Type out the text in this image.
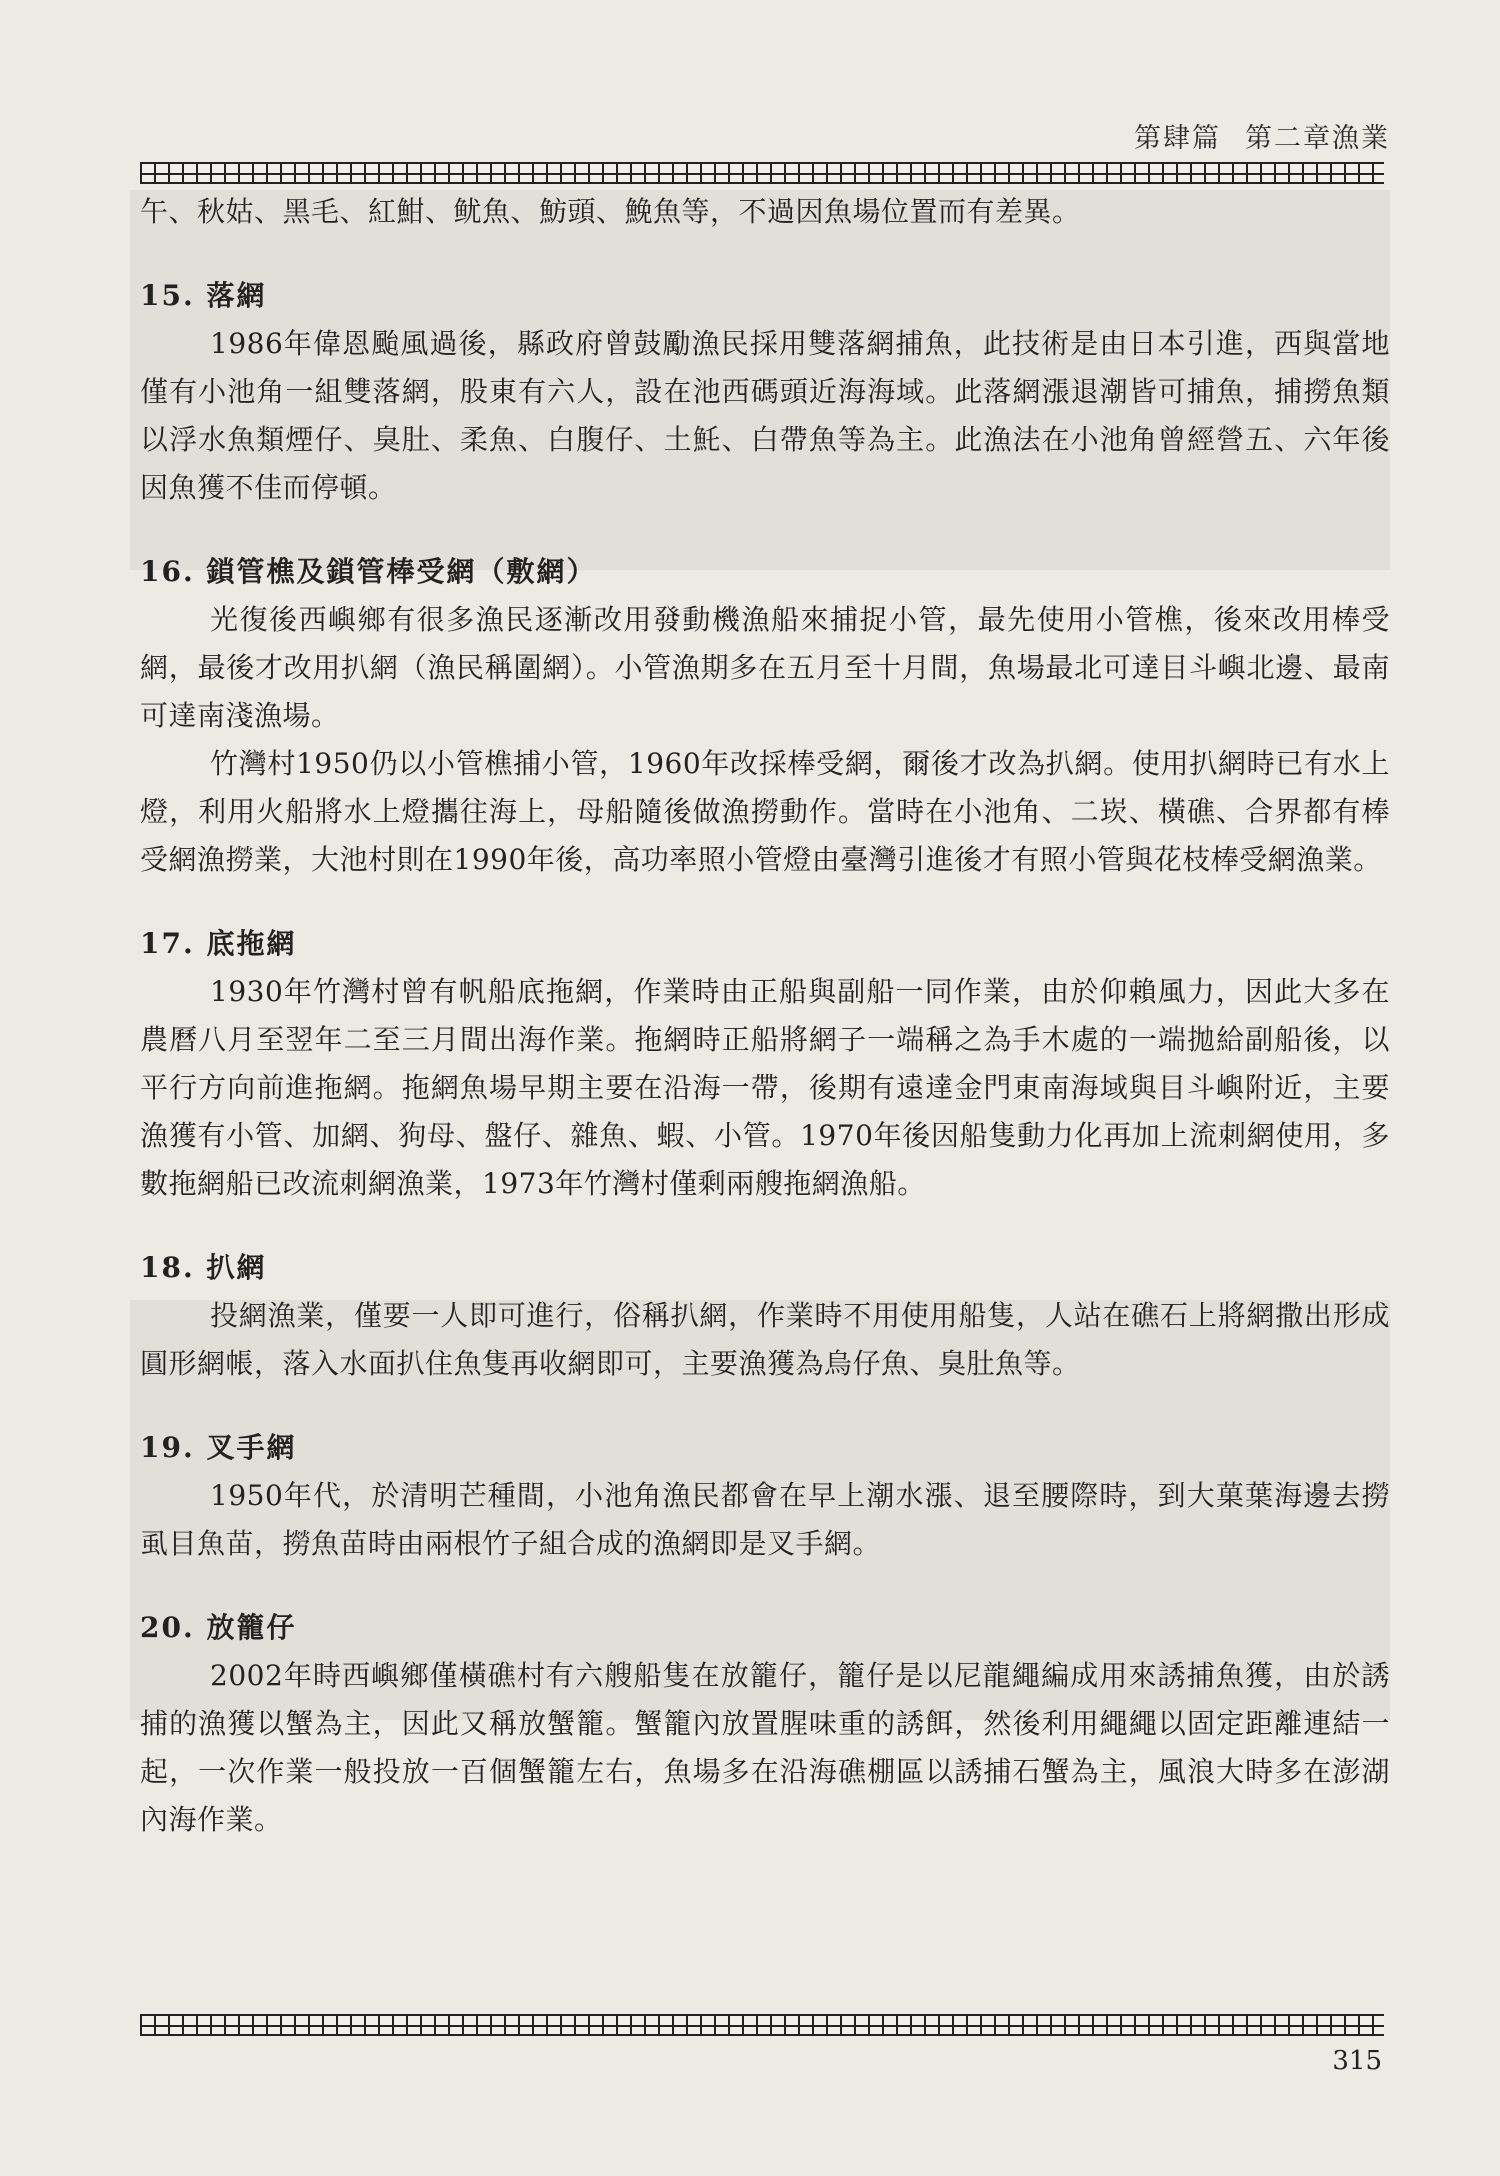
第肆篇 第二章漁業

午、秋姑、黑毛、紅魽、鱿魚、魴頭、鮸魚等，不過因魚場位置而有差異。

15. 落網

1986年偉恩颱風過後，縣政府曾鼓勵漁民採用雙落網捕魚，此技術是由日本引進，西與當地僅有小池角一組雙落網，股東有六人，設在池西碼頭近海海域。此落網漲退潮皆可捕魚，捕撈魚類以浮水魚類煙仔、臭肚、柔魚、白腹仔、土魠、白帶魚等為主。此漁法在小池角曾經營五、六年後因魚獲不佳而停頓。

16. 鎖管樵及鎖管棒受網（敷網）

光復後西嶼鄉有很多漁民逐漸改用發動機漁船來捕捉小管，最先使用小管樵，後來改用棒受網，最後才改用扒網（漁民稱圍網）。小管漁期多在五月至十月間，魚場最北可達目斗嶼北邊、最南可達南淺漁場。

竹灣村1950仍以小管樵捕小管，1960年改採棒受網，爾後才改為扒網。使用扒網時已有水上燈，利用火船將水上燈攜往海上，母船隨後做漁撈動作。當時在小池角、二崁、橫礁、合界都有棒受網漁撈業，大池村則在1990年後，高功率照小管燈由臺灣引進後才有照小管與花枝棒受網漁業。

17. 底拖網

1930年竹灣村曾有帆船底拖網，作業時由正船與副船一同作業，由於仰賴風力，因此大多在農曆八月至翌年二至三月間出海作業。拖網時正船將網子一端稱之為手木處的一端拋給副船後，以平行方向前進拖網。拖網魚場早期主要在沿海一帶，後期有遠達金門東南海域與目斗嶼附近，主要漁獲有小管、加網、狗母、盤仔、雜魚、蝦、小管。1970年後因船隻動力化再加上流刺網使用，多數拖網船已改流刺網漁業，1973年竹灣村僅剩兩艘拖網漁船。

18. 扒網

投網漁業，僅要一人即可進行，俗稱扒網，作業時不用使用船隻，人站在礁石上將網撒出形成圓形網帳，落入水面扒住魚隻再收網即可，主要漁獲為烏仔魚、臭肚魚等。

19. 叉手網

1950年代，於清明芒種間，小池角漁民都會在早上潮水漲、退至腰際時，到大菓葉海邊去撈虱目魚苗，撈魚苗時由兩根竹子組合成的漁網即是叉手網。

20. 放籠仔

2002年時西嶼鄉僅橫礁村有六艘船隻在放籠仔，籠仔是以尼龍繩編成用來誘捕魚獲，由於誘捕的漁獲以蟹為主，因此又稱放蟹籠。蟹籠內放置腥味重的誘餌，然後利用繩繩以固定距離連結一起，一次作業一般投放一百個蟹籠左右，魚場多在沿海礁棚區以誘捕石蟹為主，風浪大時多在澎湖內海作業。

315
